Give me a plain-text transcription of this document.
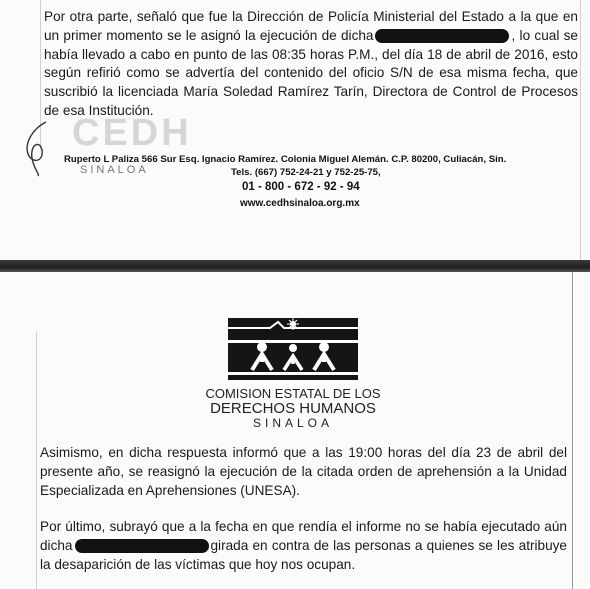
CEDH
Por otra parte, señaló que fue la Dirección de Policía Ministerial del Estado a la que en un primer momento se le asignó la ejecución de dicha	, lo cual se había llevado a cabo en punto de las 08:35 horas P.M., del día 18 de abril de 2016, esto según refirió como se advertía del contenido del oficio S/N de esa misma fecha, que suscribió la licenciada María Soledad Ramírez Tarín, Directora de Control de Procesos de esa Institución.
Ruperto L Paliza 566 Sur Esq. Ignacio Ramírez. Colonia Miguel Alemán. C.P. 80200, Culiacán, Sin.
SINALOA	Tels. (667) 752-24-21 y 752-25-75,
01 - 800 - 672 - 92 - 94
www.cedhsinaloa.org.mx
COMISION ESTATAL DE LOS
DERECHOS HUMANOS
SINALOA
Asimismo, en dicha respuesta informó que a las 19:00 horas del día 23 de abril del presente año, se reasignó la ejecución de la citada orden de aprehensión a la Unidad Especializada en Aprehensiones (UNESA).
Por último, subrayó que a la fecha en que rendía el informe no se había ejecutado aún dicha	girada en contra de las personas a quienes se les atribuye la desaparición de las víctimas que hoy nos ocupan.
